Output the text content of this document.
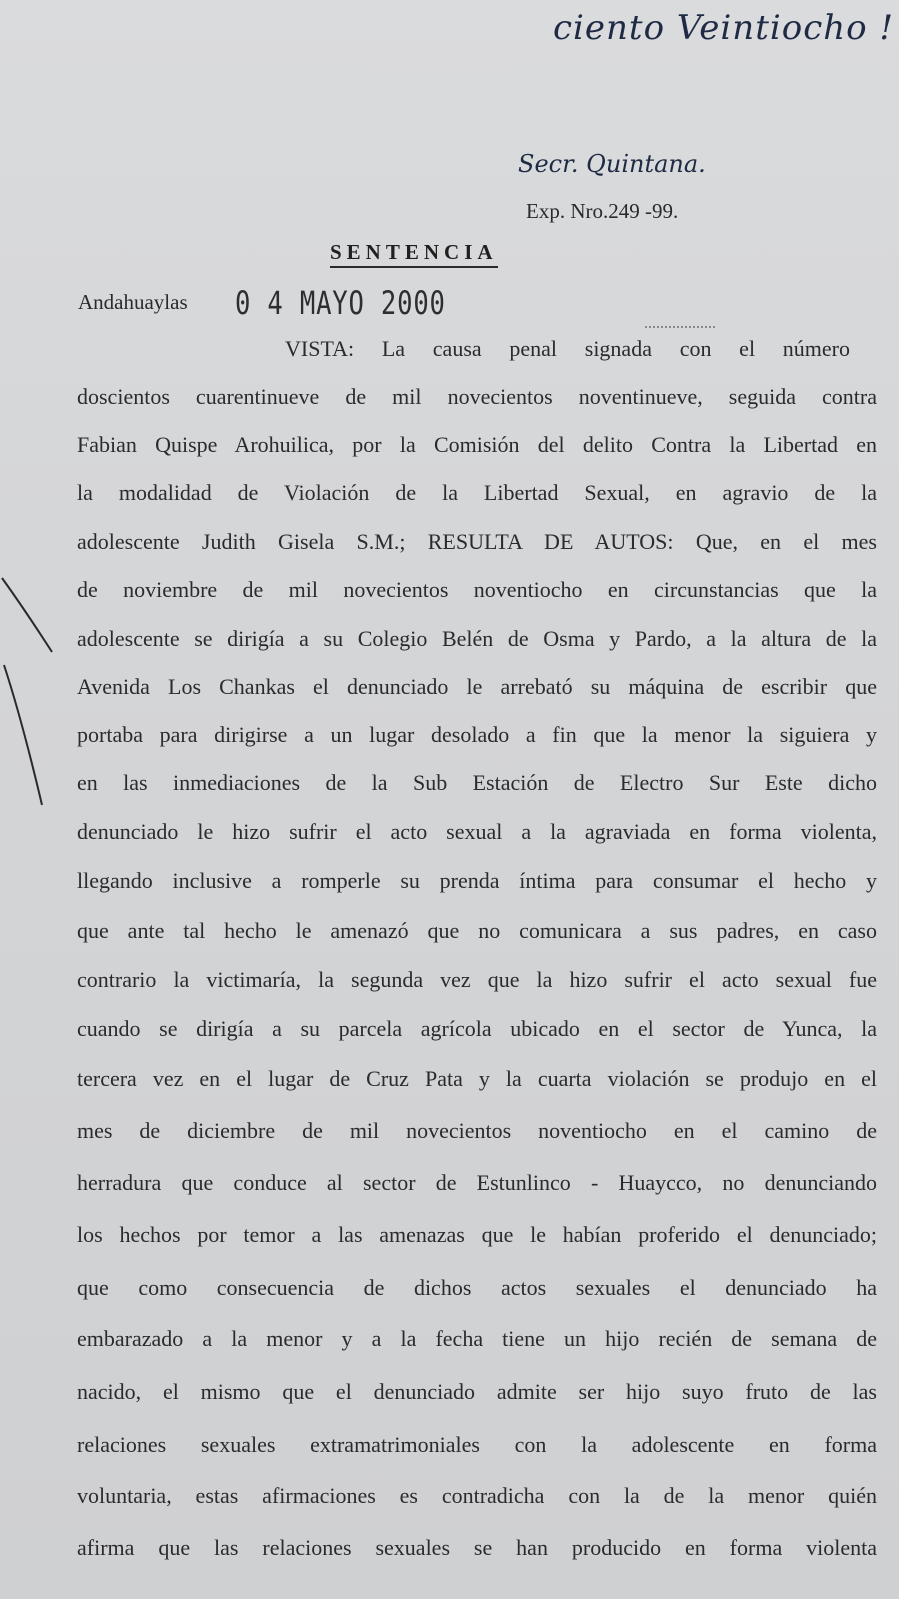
ciento Veintiocho !
Secr. Quintana.
Exp. Nro.249 -99.
SENTENCIA
Andahuaylas 0 4 MAYO 2000
VISTA: La causa penal signada con el número
doscientos cuarentinueve de mil novecientos noventinueve, seguida contra
Fabian Quispe Arohuilica, por la Comisión del delito Contra la Libertad en
la modalidad de Violación de la Libertad Sexual, en agravio de la
adolescente Judith Gisela S.M.; RESULTA DE AUTOS: Que, en el mes
de noviembre de mil novecientos noventiocho en circunstancias que la
adolescente se dirigía a su Colegio Belén de Osma y Pardo, a la altura de la
Avenida Los Chankas el denunciado le arrebató su máquina de escribir que
portaba para dirigirse a un lugar desolado a fin que la menor la siguiera y
en las inmediaciones de la Sub Estación de Electro Sur Este dicho
denunciado le hizo sufrir el acto sexual a la agraviada en forma violenta,
llegando inclusive a romperle su prenda íntima para consumar el hecho y
que ante tal hecho le amenazó que no comunicara a sus padres, en caso
contrario la victimaría, la segunda vez que la hizo sufrir el acto sexual fue
cuando se dirigía a su parcela agrícola ubicado en el sector de Yunca, la
tercera vez en el lugar de Cruz Pata y la cuarta violación se produjo en el
mes de diciembre de mil novecientos noventiocho en el camino de
herradura que conduce al sector de Estunlinco - Huaycco, no denunciando
los hechos por temor a las amenazas que le habían proferido el denunciado;
que como consecuencia de dichos actos sexuales el denunciado ha
embarazado a la menor y a la fecha tiene un hijo recién de semana de
nacido, el mismo que el denunciado admite ser hijo suyo fruto de las
relaciones sexuales extramatrimoniales con la adolescente en forma
voluntaria, estas afirmaciones es contradicha con la de la menor quién
afirma que las relaciones sexuales se han producido en forma violenta
